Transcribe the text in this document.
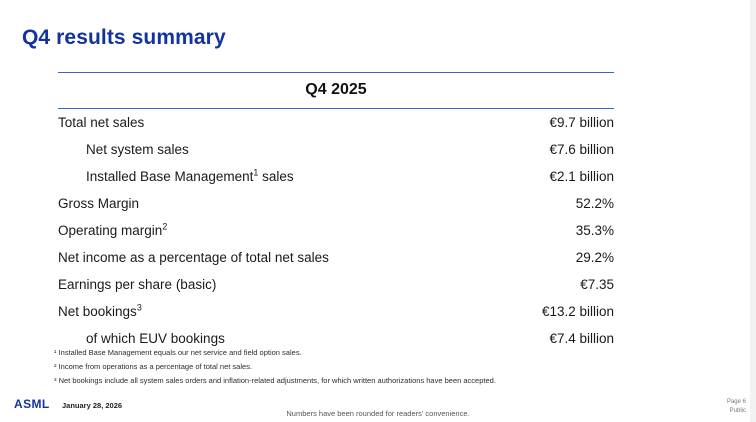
Q4 results summary
Q4 2025
Total net sales	€9.7 billion
Net system sales	€7.6 billion
Installed Base Management$^1$ sales	€2.1 billion
Gross Margin	52.2%
Operating margin$^2$	35.3%
Net income as a percentage of total net sales	29.2%
Earnings per share (basic)	€7.35
Net bookings$^3$	€13.2 billion
of which EUV bookings	€7.4 billion
¹ Installed Base Management equals our net service and field option sales.
² Income from operations as a percentage of total net sales.
³ Net bookings include all system sales orders and inflation-related adjustments, for which written authorizations have been accepted.
ASML January 28, 2026
Numbers have been rounded for readers' convenience.
Page 6
Public
